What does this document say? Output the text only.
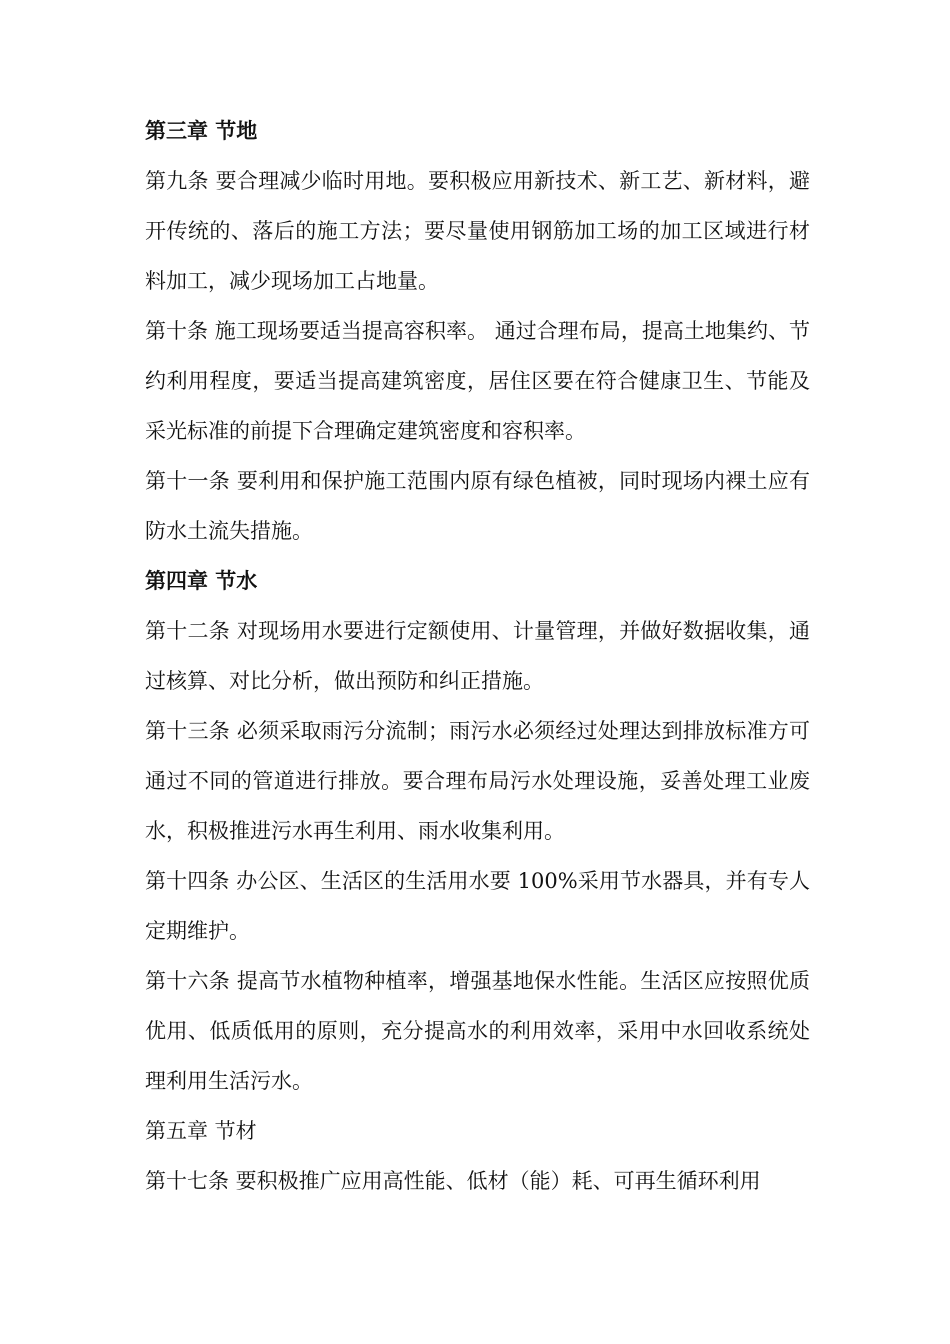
第三章 节地

第九条 要合理减少临时用地。要积极应用新技术、新工艺、新材料，避开传统的、落后的施工方法；要尽量使用钢筋加工场的加工区域进行材料加工，减少现场加工占地量。

第十条 施工现场要适当提高容积率。 通过合理布局，提高土地集约、节约利用程度，要适当提高建筑密度，居住区要在符合健康卫生、节能及采光标准的前提下合理确定建筑密度和容积率。

第十一条 要利用和保护施工范围内原有绿色植被，同时现场内裸土应有防水土流失措施。

第四章 节水

第十二条 对现场用水要进行定额使用、计量管理，并做好数据收集，通过核算、对比分析，做出预防和纠正措施。

第十三条 必须采取雨污分流制；雨污水必须经过处理达到排放标准方可通过不同的管道进行排放。要合理布局污水处理设施，妥善处理工业废水，积极推进污水再生利用、雨水收集利用。

第十四条 办公区、生活区的生活用水要 100%采用节水器具，并有专人定期维护。

第十六条 提高节水植物种植率，增强基地保水性能。生活区应按照优质优用、低质低用的原则，充分提高水的利用效率，采用中水回收系统处理利用生活污水。

第五章 节材

第十七条 要积极推广应用高性能、低材（能）耗、可再生循环利用
